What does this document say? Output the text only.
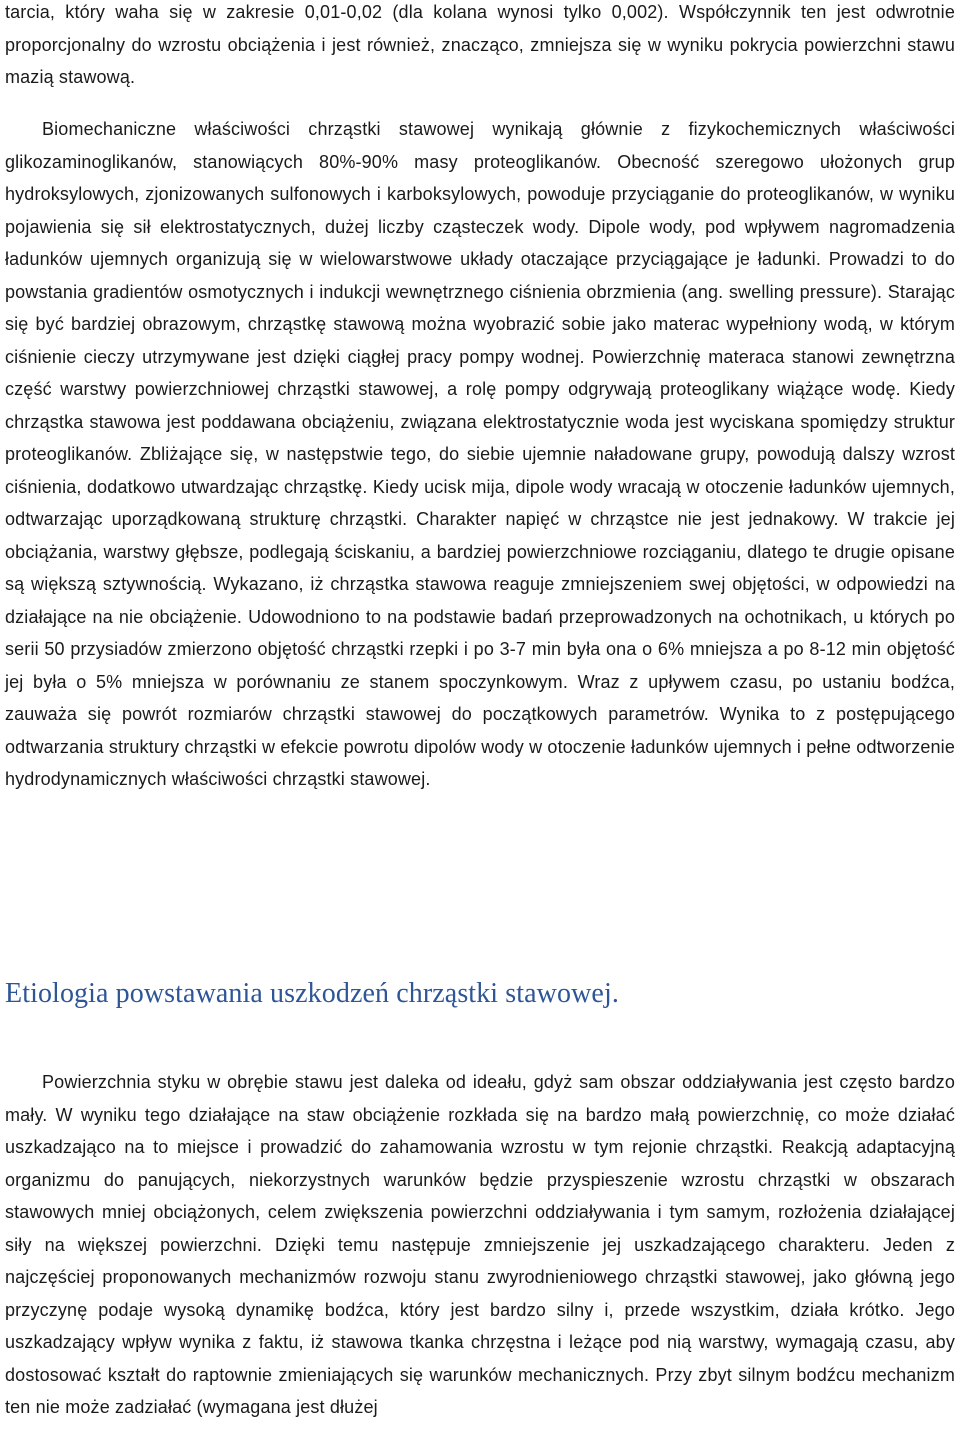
tarcia, który waha się w zakresie 0,01-0,02 (dla kolana wynosi tylko 0,002). Współczynnik ten jest odwrotnie proporcjonalny do wzrostu obciążenia i jest również, znacząco, zmniejsza się w wyniku pokrycia powierzchni stawu mazią stawową.

Biomechaniczne właściwości chrząstki stawowej wynikają głównie z fizykochemicznych właściwości glikozaminoglikanów, stanowiących 80%-90% masy proteoglikanów. Obecność szeregowo ułożonych grup hydroksylowych, zjonizowanych sulfonowych i karboksylowych, powoduje przyciąganie do proteoglikanów, w wyniku pojawienia się sił elektrostatycznych, dużej liczby cząsteczek wody. Dipole wody, pod wpływem nagromadzenia ładunków ujemnych organizują się w wielowarstwowe układy otaczające przyciągające je ładunki. Prowadzi to do powstania gradientów osmotycznych i indukcji wewnętrznego ciśnienia obrzmienia (ang. swelling pressure). Starając się być bardziej obrazowym, chrząstkę stawową można wyobrazić sobie jako materac wypełniony wodą, w którym ciśnienie cieczy utrzymywane jest dzięki ciągłej pracy pompy wodnej. Powierzchnię materaca stanowi zewnętrzna część warstwy powierzchniowej chrząstki stawowej, a rolę pompy odgrywają proteoglikany wiążące wodę. Kiedy chrząstka stawowa jest poddawana obciążeniu, związana elektrostatycznie woda jest wyciskana spomiędzy struktur proteoglikanów. Zbliżające się, w następstwie tego, do siebie ujemnie naładowane grupy, powodują dalszy wzrost ciśnienia, dodatkowo utwardzając chrząstkę. Kiedy ucisk mija, dipole wody wracają w otoczenie ładunków ujemnych, odtwarzając uporządkowaną strukturę chrząstki. Charakter napięć w chrząstce nie jest jednakowy. W trakcie jej obciążania, warstwy głębsze, podlegają ściskaniu, a bardziej powierzchniowe rozciąganiu, dlatego te drugie opisane są większą sztywnością. Wykazano, iż chrząstka stawowa reaguje zmniejszeniem swej objętości, w odpowiedzi na działające na nie obciążenie. Udowodniono to na podstawie badań przeprowadzonych na ochotnikach, u których po serii 50 przysiadów zmierzono objętość chrząstki rzepki i po 3-7 min była ona o 6% mniejsza a po 8-12 min objętość jej była o 5% mniejsza w porównaniu ze stanem spoczynkowym. Wraz z upływem czasu, po ustaniu bodźca, zauważa się powrót rozmiarów chrząstki stawowej do początkowych parametrów. Wynika to z postępującego odtwarzania struktury chrząstki w efekcie powrotu dipolów wody w otoczenie ładunków ujemnych i pełne odtworzenie hydrodynamicznych właściwości chrząstki stawowej.

Etiologia powstawania uszkodzeń chrząstki stawowej.

Powierzchnia styku w obrębie stawu jest daleka od ideału, gdyż sam obszar oddziaływania jest często bardzo mały. W wyniku tego działające na staw obciążenie rozkłada się na bardzo małą powierzchnię, co może działać uszkadzająco na to miejsce i prowadzić do zahamowania wzrostu w tym rejonie chrząstki. Reakcją adaptacyjną organizmu do panujących, niekorzystnych warunków będzie przyspieszenie wzrostu chrząstki w obszarach stawowych mniej obciążonych, celem zwiększenia powierzchni oddziaływania i tym samym, rozłożenia działającej siły na większej powierzchni. Dzięki temu następuje zmniejszenie jej uszkadzającego charakteru. Jeden z najczęściej proponowanych mechanizmów rozwoju stanu zwyrodnieniowego chrząstki stawowej, jako główną jego przyczynę podaje wysoką dynamikę bodźca, który jest bardzo silny i, przede wszystkim, działa krótko. Jego uszkadzający wpływ wynika z faktu, iż stawowa tkanka chrzęstna i leżące pod nią warstwy, wymagają czasu, aby dostosować kształt do raptownie zmieniających się warunków mechanicznych. Przy zbyt silnym bodźcu mechanizm ten nie może zadziałać (wymagana jest dłużej
